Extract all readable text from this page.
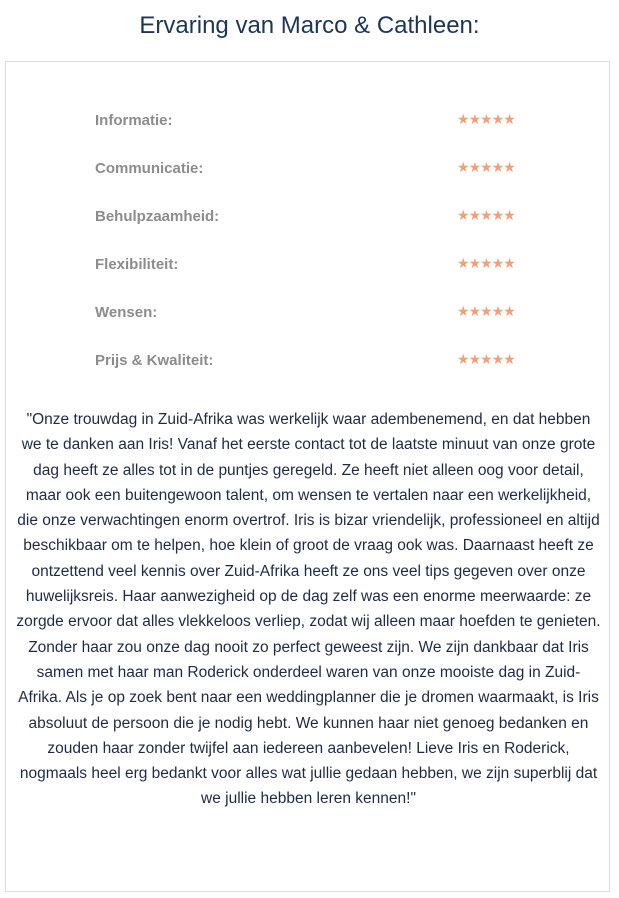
Ervaring van Marco & Cathleen:
Informatie:	★★★★★
Communicatie:	★★★★★
Behulpzaamheid:	★★★★★
Flexibiliteit:	★★★★★
Wensen:	★★★★★
Prijs & Kwaliteit:	★★★★★

"Onze trouwdag in Zuid-Afrika was werkelijk waar adembenemend, en dat hebben we te danken aan Iris! Vanaf het eerste contact tot de laatste minuut van onze grote dag heeft ze alles tot in de puntjes geregeld. Ze heeft niet alleen oog voor detail, maar ook een buitengewoon talent, om wensen te vertalen naar een werkelijkheid, die onze verwachtingen enorm overtrof. Iris is bizar vriendelijk, professioneel en altijd beschikbaar om te helpen, hoe klein of groot de vraag ook was. Daarnaast heeft ze ontzettend veel kennis over Zuid-Afrika heeft ze ons veel tips gegeven over onze huwelijksreis. Haar aanwezigheid op de dag zelf was een enorme meerwaarde: ze zorgde ervoor dat alles vlekkeloos verliep, zodat wij alleen maar hoefden te genieten. Zonder haar zou onze dag nooit zo perfect geweest zijn. We zijn dankbaar dat Iris samen met haar man Roderick onderdeel waren van onze mooiste dag in Zuid-Afrika. Als je op zoek bent naar een weddingplanner die je dromen waarmaakt, is Iris absoluut de persoon die je nodig hebt. We kunnen haar niet genoeg bedanken en zouden haar zonder twijfel aan iedereen aanbevelen! Lieve Iris en Roderick, nogmaals heel erg bedankt voor alles wat jullie gedaan hebben, we zijn superblij dat we jullie hebben leren kennen!"
